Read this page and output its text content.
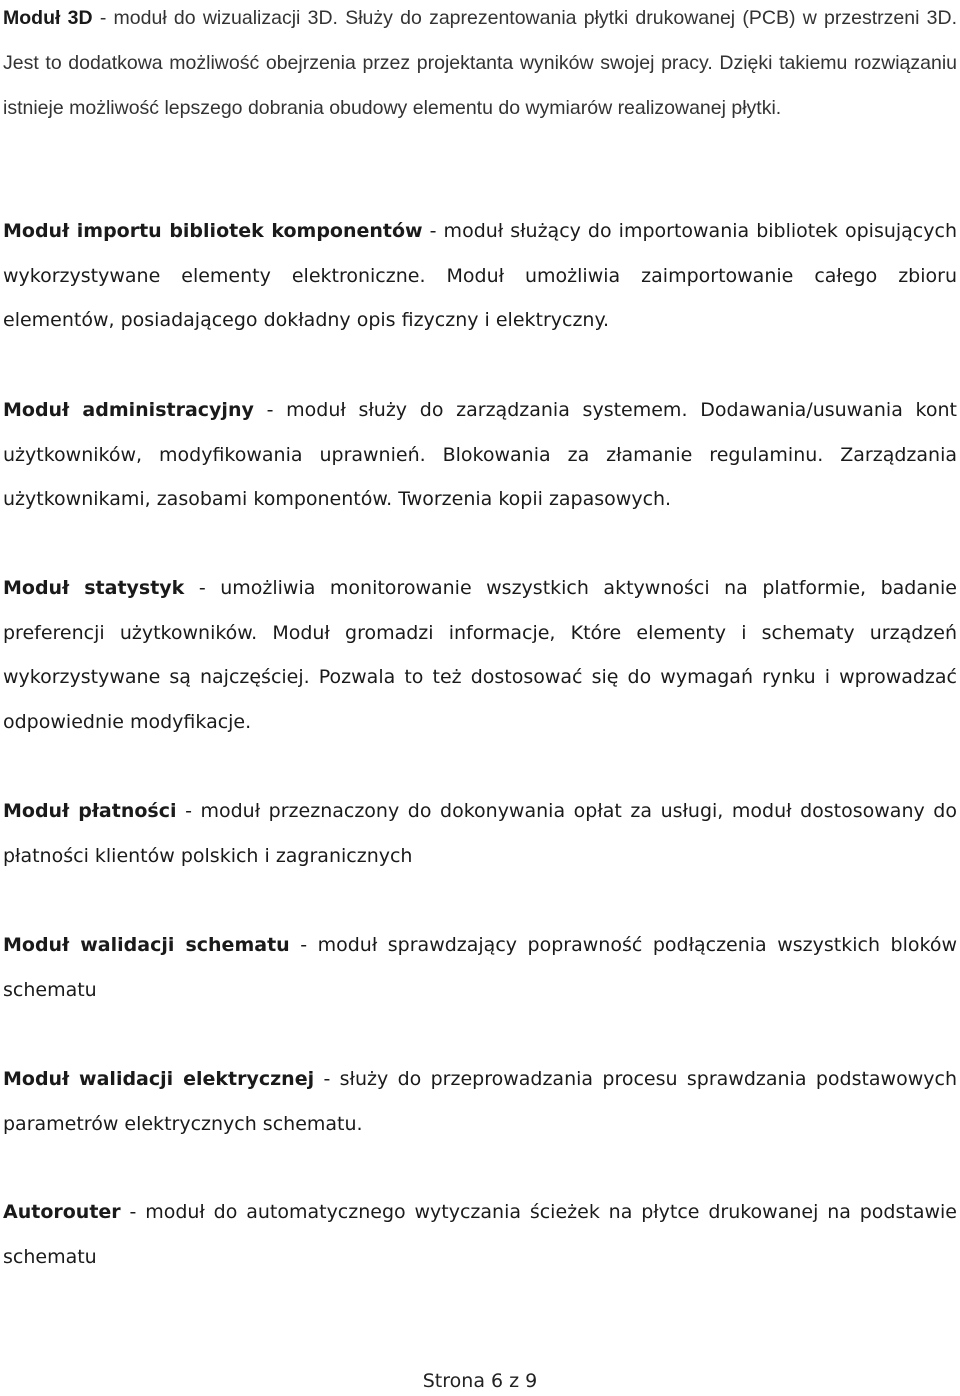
Moduł 3D - moduł do wizualizacji 3D. Służy do zaprezentowania płytki drukowanej (PCB) w przestrzeni 3D. Jest to dodatkowa możliwość obejrzenia przez projektanta wyników swojej pracy. Dzięki takiemu rozwiązaniu istnieje możliwość lepszego dobrania obudowy elementu do wymiarów realizowanej płytki.

Moduł importu bibliotek komponentów - moduł służący do importowania bibliotek opisujących wykorzystywane elementy elektroniczne. Moduł umożliwia zaimportowanie całego zbioru elementów, posiadającego dokładny opis fizyczny i elektryczny.

Moduł administracyjny - moduł służy do zarządzania systemem. Dodawania/usuwania kont użytkowników, modyfikowania uprawnień. Blokowania za złamanie regulaminu. Zarządzania użytkownikami, zasobami komponentów. Tworzenia kopii zapasowych.

Moduł statystyk - umożliwia monitorowanie wszystkich aktywności na platformie, badanie preferencji użytkowników. Moduł gromadzi informacje, Które elementy i schematy urządzeń wykorzystywane są najczęściej. Pozwala to też dostosować się do wymagań rynku i wprowadzać odpowiednie modyfikacje.

Moduł płatności - moduł przeznaczony do dokonywania opłat za usługi, moduł dostosowany do płatności klientów polskich i zagranicznych

Moduł walidacji schematu - moduł sprawdzający poprawność podłączenia wszystkich bloków schematu

Moduł walidacji elektrycznej - służy do przeprowadzania procesu sprawdzania podstawowych parametrów elektrycznych schematu.

Autorouter - moduł do automatycznego wytyczania ścieżek na płytce drukowanej na podstawie schematu

Strona 6 z 9
